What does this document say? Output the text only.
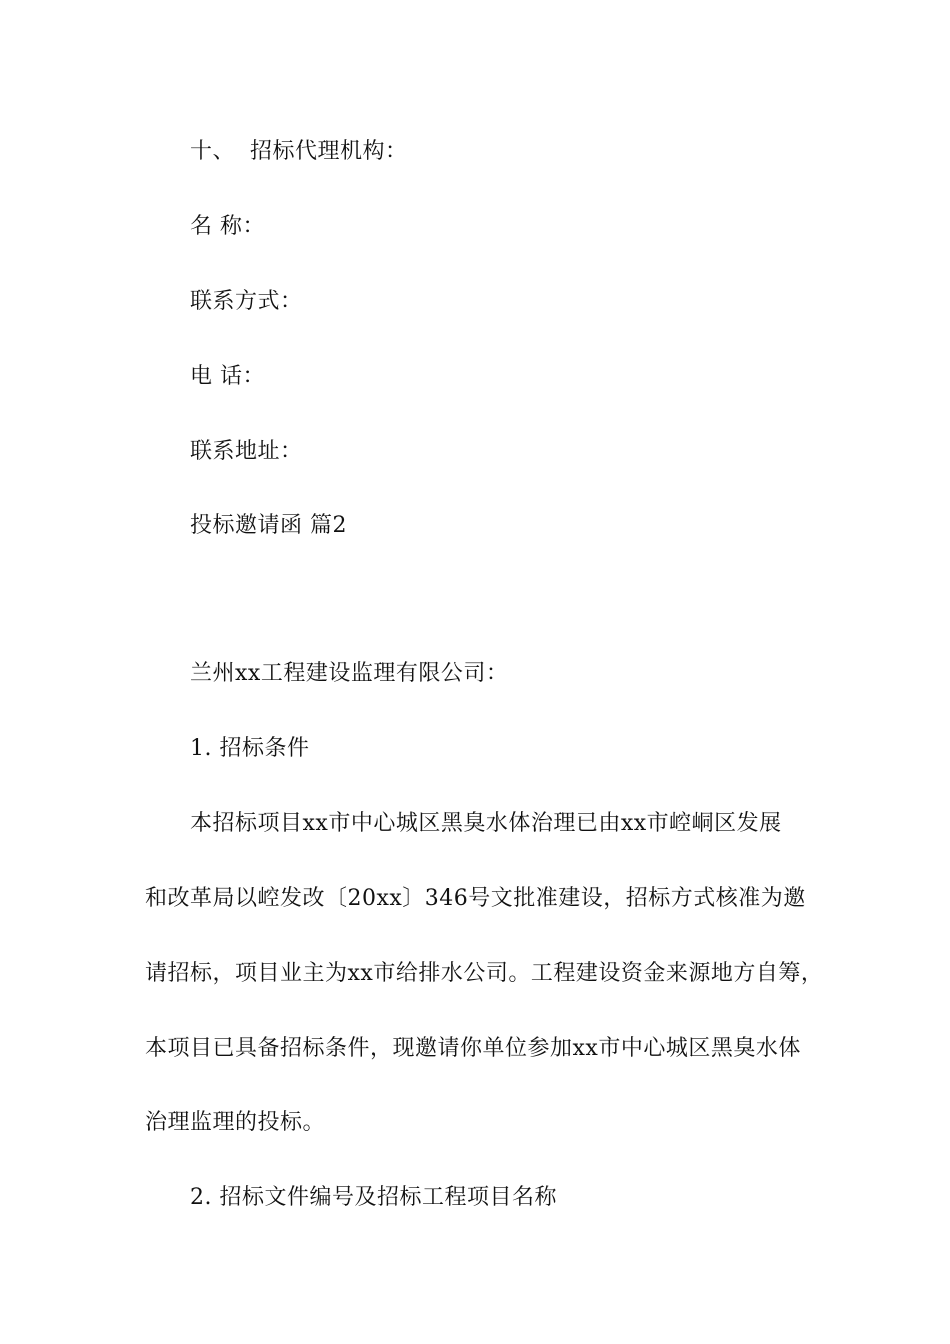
十、  招标代理机构：
名 称：
联系方式：
电 话：
联系地址：
投标邀请函 篇2
兰州xx工程建设监理有限公司：
1. 招标条件
本招标项目xx市中心城区黑臭水体治理已由xx市崆峒区发展
和改革局以崆发改〔20xx〕346号文批准建设，招标方式核准为邀
请招标，项目业主为xx市给排水公司。工程建设资金来源地方自筹，
本项目已具备招标条件，现邀请你单位参加xx市中心城区黑臭水体
治理监理的投标。
2. 招标文件编号及招标工程项目名称
